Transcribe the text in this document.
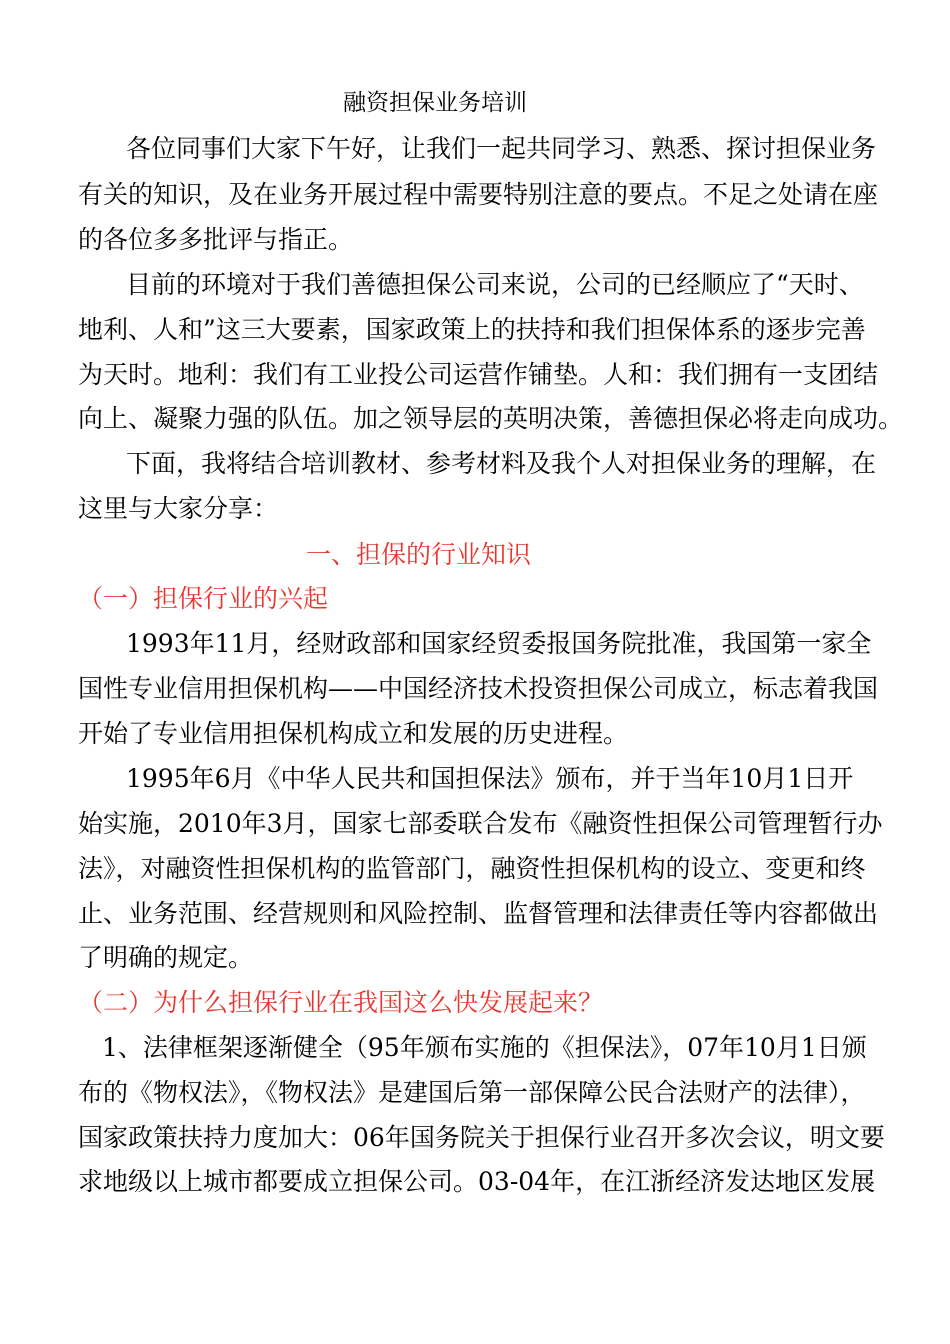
融资担保业务培训
各位同事们大家下午好，让我们一起共同学习、熟悉、探讨担保业务
有关的知识，及在业务开展过程中需要特别注意的要点。不足之处请在座
的各位多多批评与指正。
目前的环境对于我们善德担保公司来说，公司的已经顺应了“天时、
地利、人和”这三大要素，国家政策上的扶持和我们担保体系的逐步完善
为天时。地利：我们有工业投公司运营作铺垫。人和：我们拥有一支团结
向上、凝聚力强的队伍。加之领导层的英明决策，善德担保必将走向成功。
下面，我将结合培训教材、参考材料及我个人对担保业务的理解，在
这里与大家分享：
一、担保的行业知识
（一）担保行业的兴起
1993年11月，经财政部和国家经贸委报国务院批准，我国第一家全
国性专业信用担保机构——中国经济技术投资担保公司成立，标志着我国
开始了专业信用担保机构成立和发展的历史进程。
1995年6月《中华人民共和国担保法》颁布，并于当年10月1日开
始实施，2010年3月，国家七部委联合发布《融资性担保公司管理暂行办
法》，对融资性担保机构的监管部门，融资性担保机构的设立、变更和终
止、业务范围、经营规则和风险控制、监督管理和法律责任等内容都做出
了明确的规定。
（二）为什么担保行业在我国这么快发展起来？
1、法律框架逐渐健全（95年颁布实施的《担保法》，07年10月1日颁
布的《物权法》，《物权法》是建国后第一部保障公民合法财产的法律），
国家政策扶持力度加大：06年国务院关于担保行业召开多次会议，明文要
求地级以上城市都要成立担保公司。03-04年，在江浙经济发达地区发展
